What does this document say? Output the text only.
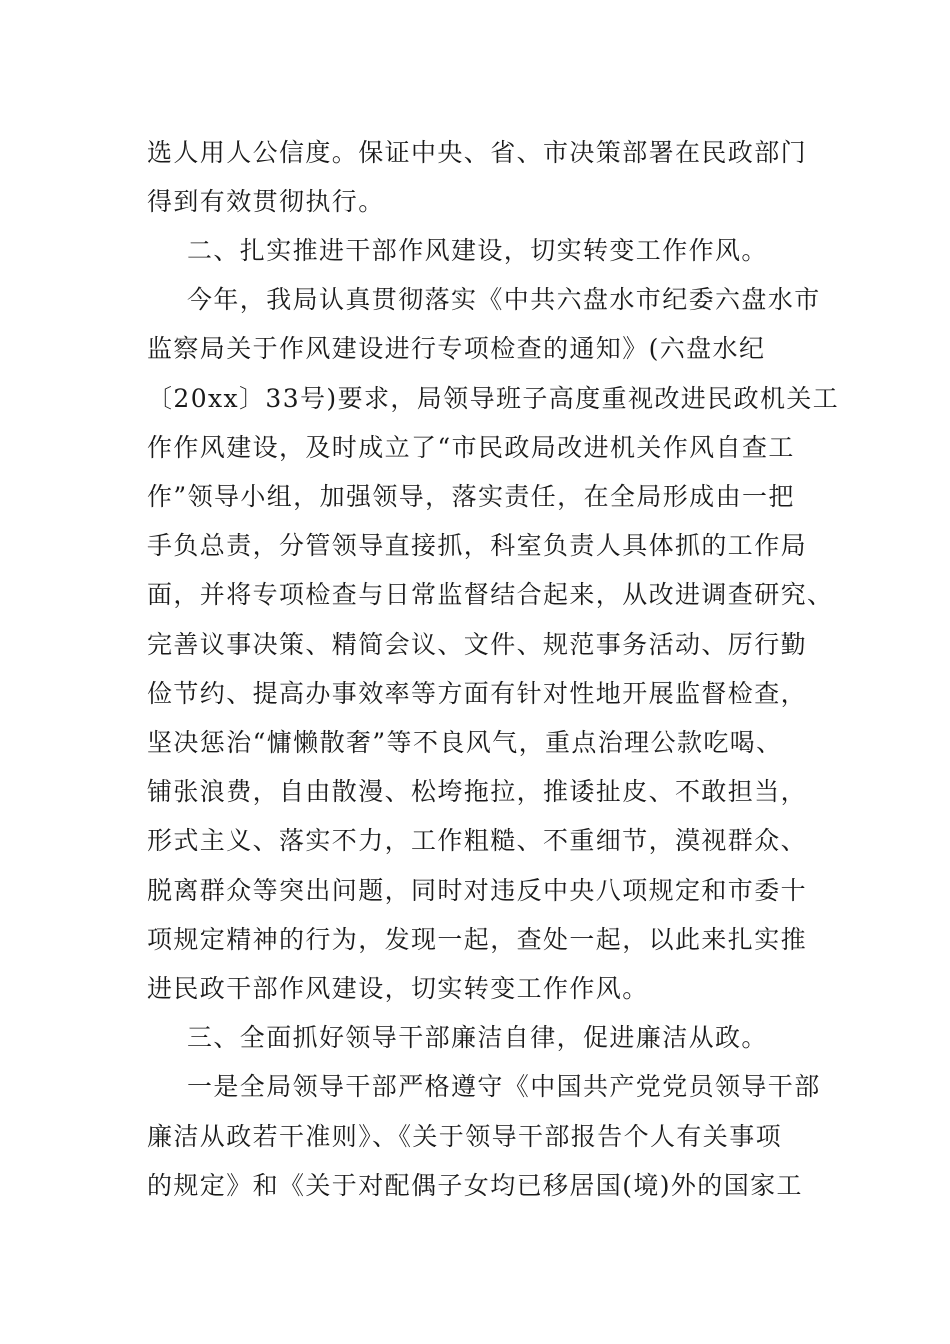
选人用人公信度。保证中央、省、市决策部署在民政部门
得到有效贯彻执行。
二、扎实推进干部作风建设，切实转变工作作风。
今年，我局认真贯彻落实《中共六盘水市纪委六盘水市
监察局关于作风建设进行专项检查的通知》(六盘水纪
〔20xx〕33号)要求，局领导班子高度重视改进民政机关工
作作风建设，及时成立了“市民政局改进机关作风自查工
作”领导小组，加强领导，落实责任，在全局形成由一把
手负总责，分管领导直接抓，科室负责人具体抓的工作局
面，并将专项检查与日常监督结合起来，从改进调查研究、
完善议事决策、精简会议、文件、规范事务活动、厉行勤
俭节约、提高办事效率等方面有针对性地开展监督检查，
坚决惩治“慵懒散奢”等不良风气，重点治理公款吃喝、
铺张浪费，自由散漫、松垮拖拉，推诿扯皮、不敢担当，
形式主义、落实不力，工作粗糙、不重细节，漠视群众、
脱离群众等突出问题，同时对违反中央八项规定和市委十
项规定精神的行为，发现一起，查处一起，以此来扎实推
进民政干部作风建设，切实转变工作作风。
三、全面抓好领导干部廉洁自律，促进廉洁从政。
一是全局领导干部严格遵守《中国共产党党员领导干部
廉洁从政若干准则》、《关于领导干部报告个人有关事项
的规定》和《关于对配偶子女均已移居国(境)外的国家工
